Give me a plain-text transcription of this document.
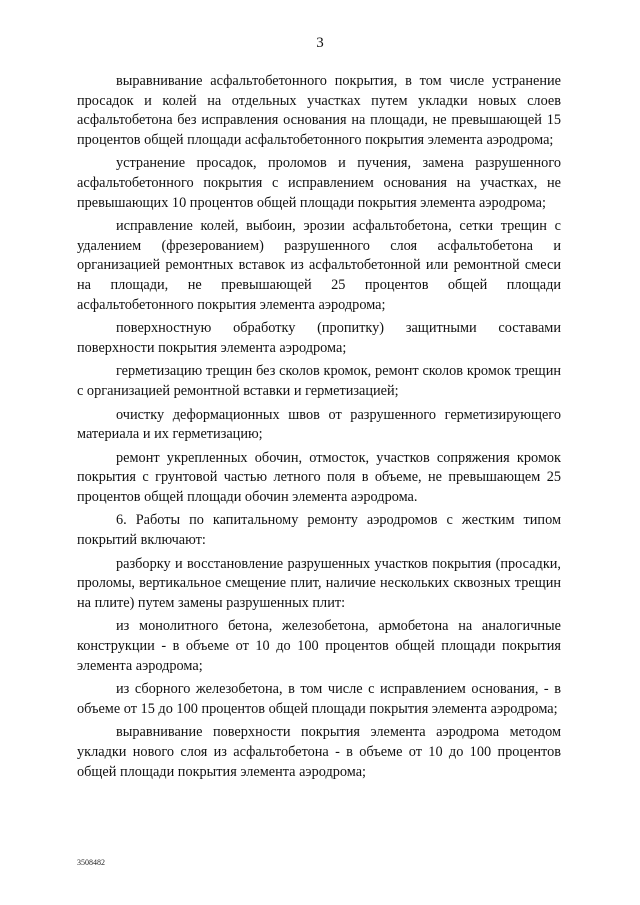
3

выравнивание асфальтобетонного покрытия, в том числе устранение просадок и колей на отдельных участках путем укладки новых слоев асфальтобетона без исправления основания на площади, не превышающей 15 процентов общей площади асфальтобетонного покрытия элемента аэродрома;

устранение просадок, проломов и пучения, замена разрушенного асфальтобетонного покрытия с исправлением основания на участках, не превышающих 10 процентов общей площади покрытия элемента аэродрома;

исправление колей, выбоин, эрозии асфальтобетона, сетки трещин с удалением (фрезерованием) разрушенного слоя асфальтобетона и организацией ремонтных вставок из асфальтобетонной или ремонтной смеси на площади, не превышающей 25 процентов общей площади асфальтобетонного покрытия элемента аэродрома;

поверхностную обработку (пропитку) защитными составами поверхности покрытия элемента аэродрома;

герметизацию трещин без сколов кромок, ремонт сколов кромок трещин с организацией ремонтной вставки и герметизацией;

очистку деформационных швов от разрушенного герметизирующего материала и их герметизацию;

ремонт укрепленных обочин, отмосток, участков сопряжения кромок покрытия с грунтовой частью летного поля в объеме, не превышающем 25 процентов общей площади обочин элемента аэродрома.

6. Работы по капитальному ремонту аэродромов с жестким типом покрытий включают:

разборку и восстановление разрушенных участков покрытия (просадки, проломы, вертикальное смещение плит, наличие нескольких сквозных трещин на плите) путем замены разрушенных плит:

из монолитного бетона, железобетона, армобетона на аналогичные конструкции - в объеме от 10 до 100 процентов общей площади покрытия элемента аэродрома;

из сборного железобетона, в том числе с исправлением основания, - в объеме от 15 до 100 процентов общей площади покрытия элемента аэродрома;

выравнивание поверхности покрытия элемента аэродрома методом укладки нового слоя из асфальтобетона - в объеме от 10 до 100 процентов общей площади покрытия элемента аэродрома;

3508482
